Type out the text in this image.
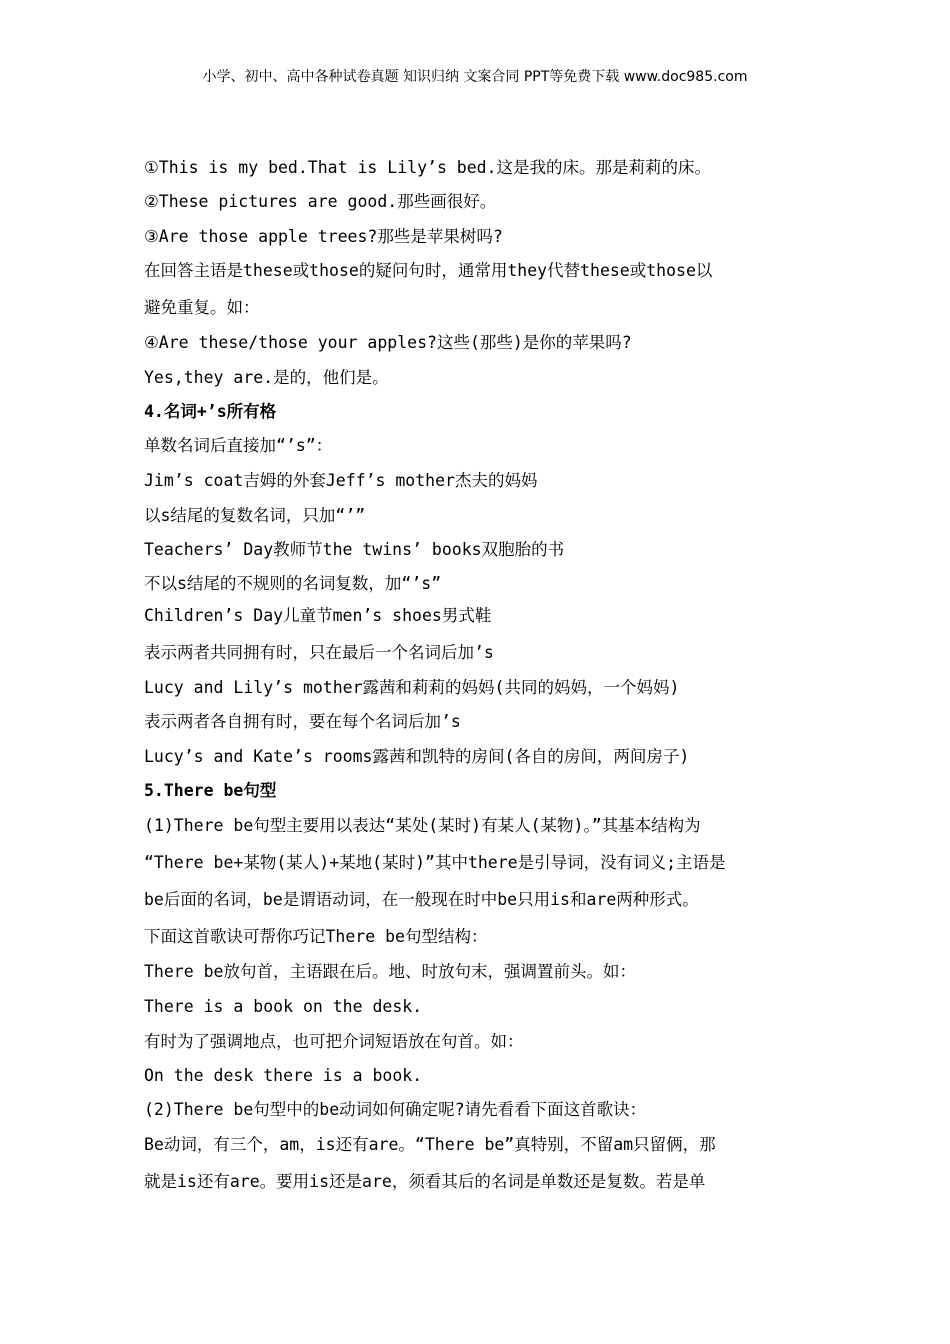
小学、初中、高中各种试卷真题 知识归纳 文案合同 PPT等免费下载 www.doc985.com
①This is my bed.That is Lily’s bed.这是我的床。那是莉莉的床。
②These pictures are good.那些画很好。
③Are those apple trees?那些是苹果树吗?
在回答主语是these或those的疑问句时，通常用they代替these或those以
避免重复。如：
④Are these/those your apples?这些(那些)是你的苹果吗?
Yes,they are.是的，他们是。
4.名词+’s所有格
单数名词后直接加“’s”：
Jim’s coat吉姆的外套Jeff’s mother杰夫的妈妈
以s结尾的复数名词，只加“’”
Teachers’ Day教师节the twins’ books双胞胎的书
不以s结尾的不规则的名词复数，加“’s”
Children’s Day儿童节men’s shoes男式鞋
表示两者共同拥有时，只在最后一个名词后加’s
Lucy and Lily’s mother露茜和莉莉的妈妈(共同的妈妈，一个妈妈)
表示两者各自拥有时，要在每个名词后加’s
Lucy’s and Kate’s rooms露茜和凯特的房间(各自的房间，两间房子)
5.There be句型
(1)There be句型主要用以表达“某处(某时)有某人(某物)。”其基本结构为
“There be+某物(某人)+某地(某时)”其中there是引导词，没有词义;主语是
be后面的名词，be是谓语动词，在一般现在时中be只用is和are两种形式。
下面这首歌诀可帮你巧记There be句型结构：
There be放句首，主语跟在后。地、时放句末，强调置前头。如：
There is a book on the desk.
有时为了强调地点，也可把介词短语放在句首。如：
On the desk there is a book.
(2)There be句型中的be动词如何确定呢?请先看看下面这首歌诀：
Be动词，有三个，am，is还有are。“There be”真特别，不留am只留俩，那
就是is还有are。要用is还是are，须看其后的名词是单数还是复数。若是单
